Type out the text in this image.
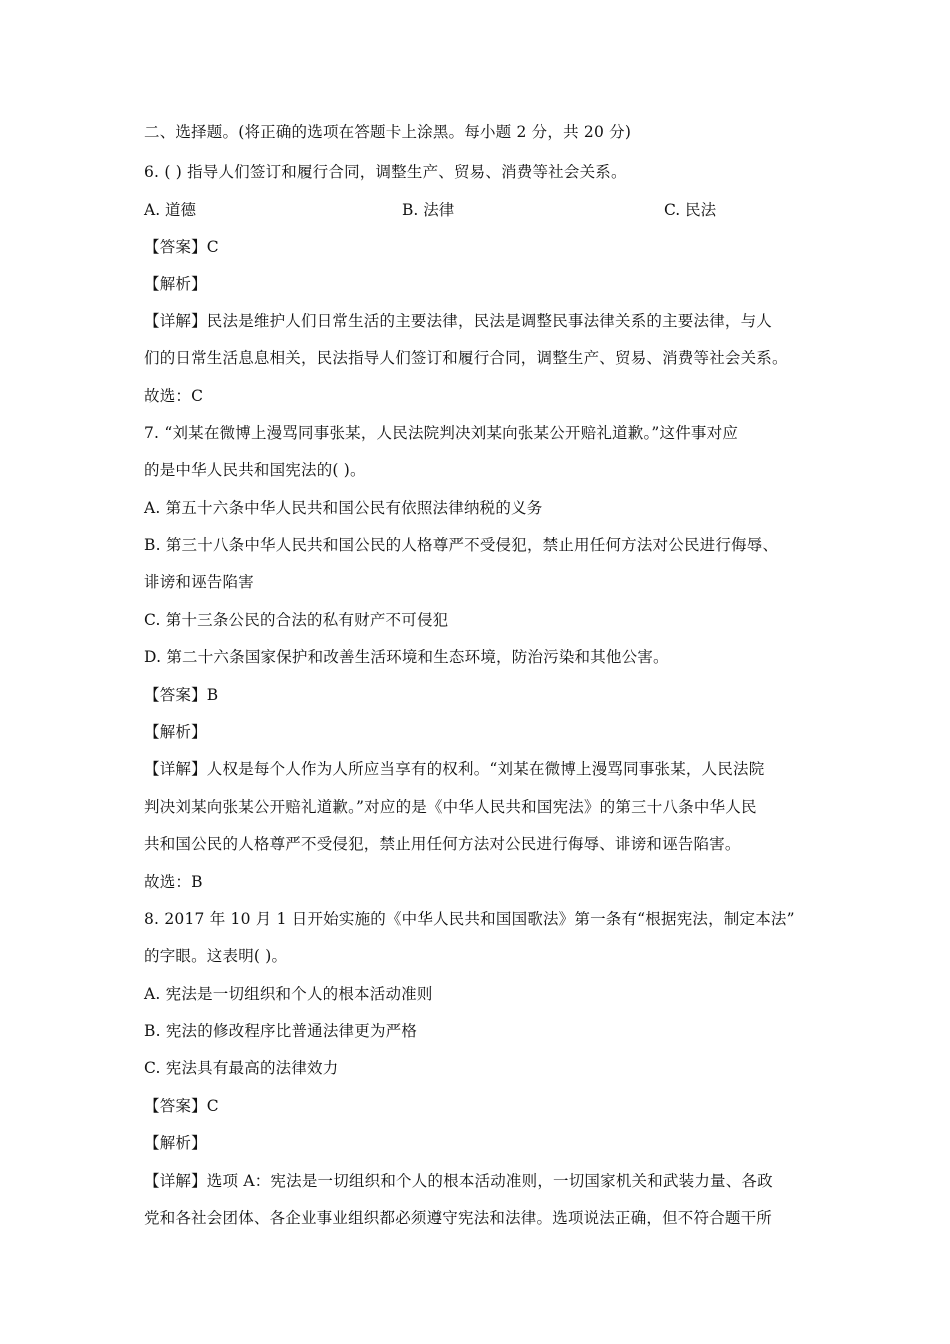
二、选择题。(将正确的选项在答题卡上涂黑。每小题 2 分，共 20 分)
6. ( ) 指导人们签订和履行合同，调整生产、贸易、消费等社会关系。
A. 道德	B. 法律	C. 民法
【答案】C
【解析】
【详解】民法是维护人们日常生活的主要法律，民法是调整民事法律关系的主要法律，与人
们的日常生活息息相关，民法指导人们签订和履行合同，调整生产、贸易、消费等社会关系。
故选：C
7. “刘某在微博上漫骂同事张某，人民法院判决刘某向张某公开赔礼道歉。”这件事对应
的是中华人民共和国宪法的( )。
A. 第五十六条中华人民共和国公民有依照法律纳税的义务
B. 第三十八条中华人民共和国公民的人格尊严不受侵犯，禁止用任何方法对公民进行侮辱、
诽谤和诬告陷害
C. 第十三条公民的合法的私有财产不可侵犯
D. 第二十六条国家保护和改善生活环境和生态环境，防治污染和其他公害。
【答案】B
【解析】
【详解】人权是每个人作为人所应当享有的权利。“刘某在微博上漫骂同事张某，人民法院
判决刘某向张某公开赔礼道歉。”对应的是《中华人民共和国宪法》的第三十八条中华人民
共和国公民的人格尊严不受侵犯，禁止用任何方法对公民进行侮辱、诽谤和诬告陷害。
故选：B
8. 2017 年 10 月 1 日开始实施的《中华人民共和国国歌法》第一条有“根据宪法，制定本法”
的字眼。这表明( )。
A. 宪法是一切组织和个人的根本活动准则
B. 宪法的修改程序比普通法律更为严格
C. 宪法具有最高的法律效力
【答案】C
【解析】
【详解】选项 A：宪法是一切组织和个人的根本活动准则，一切国家机关和武装力量、各政
党和各社会团体、各企业事业组织都必须遵守宪法和法律。选项说法正确，但不符合题干所
